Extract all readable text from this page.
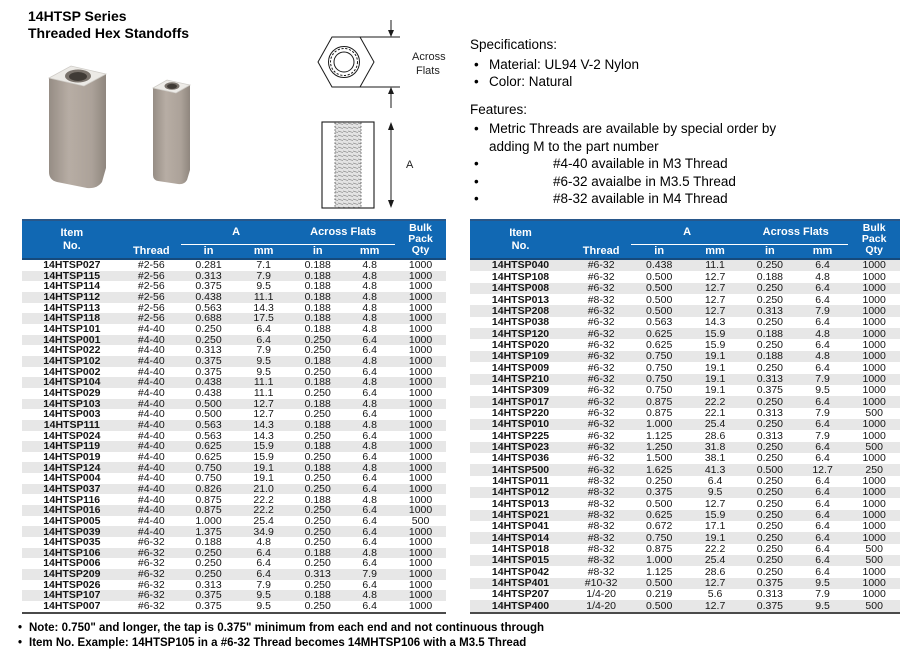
14HTSP Series
Threaded Hex Standoffs
Across
Flats
A
Specifications:
• Material: UL94 V-2 Nylon
• Color: Natural
Features:
• Metric Threads are available by special order by adding M to the part number
• #4-40 available in M3 Thread
• #6-32 avaialbe in M3.5 Thread
• #8-32 available in M4 Thread
Item
No.	Thread	A		Across Flats		Bulk
Pack
Qty
		in	mm	in	mm	
14HTSP027	#2-56	0.281	7.1	0.188	4.8	1000
14HTSP115	#2-56	0.313	7.9	0.188	4.8	1000
14HTSP114	#2-56	0.375	9.5	0.188	4.8	1000
14HTSP112	#2-56	0.438	11.1	0.188	4.8	1000
14HTSP113	#2-56	0.563	14.3	0.188	4.8	1000
14HTSP118	#2-56	0.688	17.5	0.188	4.8	1000
14HTSP101	#4-40	0.250	6.4	0.188	4.8	1000
14HTSP001	#4-40	0.250	6.4	0.250	6.4	1000
14HTSP022	#4-40	0.313	7.9	0.250	6.4	1000
14HTSP102	#4-40	0.375	9.5	0.188	4.8	1000
14HTSP002	#4-40	0.375	9.5	0.250	6.4	1000
14HTSP104	#4-40	0.438	11.1	0.188	4.8	1000
14HTSP029	#4-40	0.438	11.1	0.250	6.4	1000
14HTSP103	#4-40	0.500	12.7	0.188	4.8	1000
14HTSP003	#4-40	0.500	12.7	0.250	6.4	1000
14HTSP111	#4-40	0.563	14.3	0.188	4.8	1000
14HTSP024	#4-40	0.563	14.3	0.250	6.4	1000
14HTSP119	#4-40	0.625	15.9	0.188	4.8	1000
14HTSP019	#4-40	0.625	15.9	0.250	6.4	1000
14HTSP124	#4-40	0.750	19.1	0.188	4.8	1000
14HTSP004	#4-40	0.750	19.1	0.250	6.4	1000
14HTSP037	#4-40	0.826	21.0	0.250	6.4	1000
14HTSP116	#4-40	0.875	22.2	0.188	4.8	1000
14HTSP016	#4-40	0.875	22.2	0.250	6.4	1000
14HTSP005	#4-40	1.000	25.4	0.250	6.4	500
14HTSP039	#4-40	1.375	34.9	0.250	6.4	1000
14HTSP035	#6-32	0.188	4.8	0.250	6.4	1000
14HTSP106	#6-32	0.250	6.4	0.188	4.8	1000
14HTSP006	#6-32	0.250	6.4	0.250	6.4	1000
14HTSP209	#6-32	0.250	6.4	0.313	7.9	1000
14HTSP026	#6-32	0.313	7.9	0.250	6.4	1000
14HTSP107	#6-32	0.375	9.5	0.188	4.8	1000
14HTSP007	#6-32	0.375	9.5	0.250	6.4	1000
Item
No.	Thread	A		Across Flats		Bulk
Pack
Qty
		in	mm	in	mm	
14HTSP040	#6-32	0.438	11.1	0.250	6.4	1000
14HTSP108	#6-32	0.500	12.7	0.188	4.8	1000
14HTSP008	#6-32	0.500	12.7	0.250	6.4	1000
14HTSP013	#8-32	0.500	12.7	0.250	6.4	1000
14HTSP208	#6-32	0.500	12.7	0.313	7.9	1000
14HTSP038	#6-32	0.563	14.3	0.250	6.4	1000
14HTSP120	#6-32	0.625	15.9	0.188	4.8	1000
14HTSP020	#6-32	0.625	15.9	0.250	6.4	1000
14HTSP109	#6-32	0.750	19.1	0.188	4.8	1000
14HTSP009	#6-32	0.750	19.1	0.250	6.4	1000
14HTSP210	#6-32	0.750	19.1	0.313	7.9	1000
14HTSP309	#6-32	0.750	19.1	0.375	9.5	1000
14HTSP017	#6-32	0.875	22.2	0.250	6.4	1000
14HTSP220	#6-32	0.875	22.1	0.313	7.9	500
14HTSP010	#6-32	1.000	25.4	0.250	6.4	1000
14HTSP225	#6-32	1.125	28.6	0.313	7.9	1000
14HTSP023	#6-32	1.250	31.8	0.250	6.4	500
14HTSP036	#6-32	1.500	38.1	0.250	6.4	1000
14HTSP500	#6-32	1.625	41.3	0.500	12.7	250
14HTSP011	#8-32	0.250	6.4	0.250	6.4	1000
14HTSP012	#8-32	0.375	9.5	0.250	6.4	1000
14HTSP013	#8-32	0.500	12.7	0.250	6.4	1000
14HTSP021	#8-32	0.625	15.9	0.250	6.4	1000
14HTSP041	#8-32	0.672	17.1	0.250	6.4	1000
14HTSP014	#8-32	0.750	19.1	0.250	6.4	1000
14HTSP018	#8-32	0.875	22.2	0.250	6.4	500
14HTSP015	#8-32	1.000	25.4	0.250	6.4	500
14HTSP042	#8-32	1.125	28.6	0.250	6.4	1000
14HTSP401	#10-32	0.500	12.7	0.375	9.5	1000
14HTSP207	1/4-20	0.219	5.6	0.313	7.9	1000
14HTSP400	1/4-20	0.500	12.7	0.375	9.5	500
• Note: 0.750" and longer, the tap is 0.375" minimum from each end and not continuous through
• Item No. Example: 14HTSP105 in a #6-32 Thread becomes 14MHTSP106 with a M3.5 Thread
